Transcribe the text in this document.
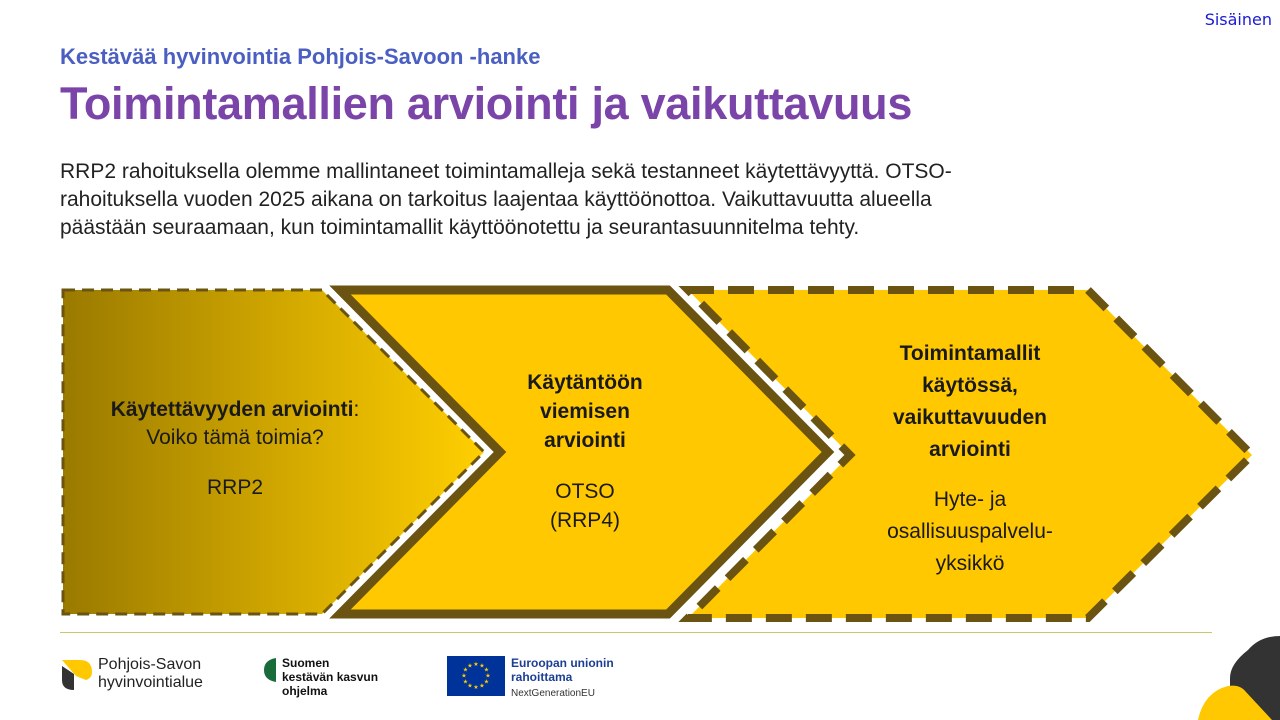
Sisäinen
Kestävää hyvinvointia Pohjois-Savoon -hanke
Toimintamallien arviointi ja vaikuttavuus
RRP2 rahoituksella olemme mallintaneet toimintamalleja sekä testanneet käytettävyyttä. OTSO-
rahoituksella vuoden 2025 aikana on tarkoitus laajentaa käyttöönottoa. Vaikuttavuutta alueella
päästään seuraamaan, kun toimintamallit käyttöönotettu ja seurantasuunnitelma tehty.
Käytettävyyden arviointi:
Voiko tämä toimia?
RRP2
Käytäntöön
viemisen
arviointi
OTSO
(RRP4)
Toimintamallit
käytössä,
vaikuttavuuden
arviointi
Hyte- ja
osallisuuspalvelu-
yksikkö
Pohjois-Savon
hyvinvointialue
Suomen
kestävän kasvun
ohjelma
★ ★
★
★
★
★
★
★
★
★
★
★	Euroopan unionin
rahoittama
NextGenerationEU
